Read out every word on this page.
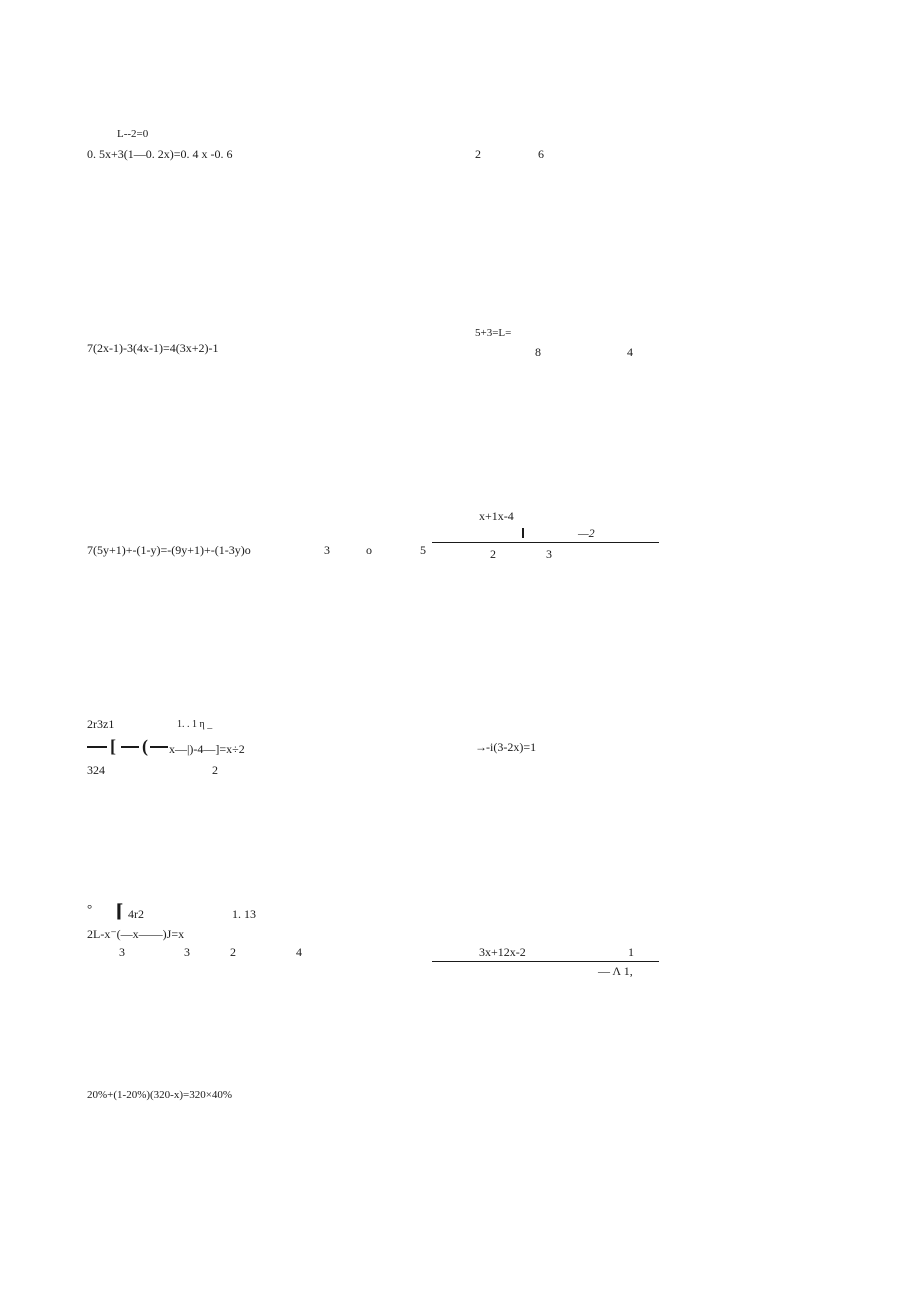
L--2=0
0. 5x+3(1—0. 2x)=0. 4 x -0. 6	2	6
7(2x-1)-3(4x-1)=4(3x+2)-1
5+3=L=
8	4
7(5y+1)+-(1-y)=-(9y+1)+-(1-3y)o	3	o	5
x+1x-4
—2
2	3
2r3z1	1. . 1 η _
[ ( x—|)-4—]=x÷2
324	2
→ -i(3-2x)=1
° ⌈ 4r2	1. 13
2L-x⁻(—x——)J=x
3	3	2	4	3x+12x-2	1
— Λ 1,
20%+(1-20%)(320-x)=320×40%
